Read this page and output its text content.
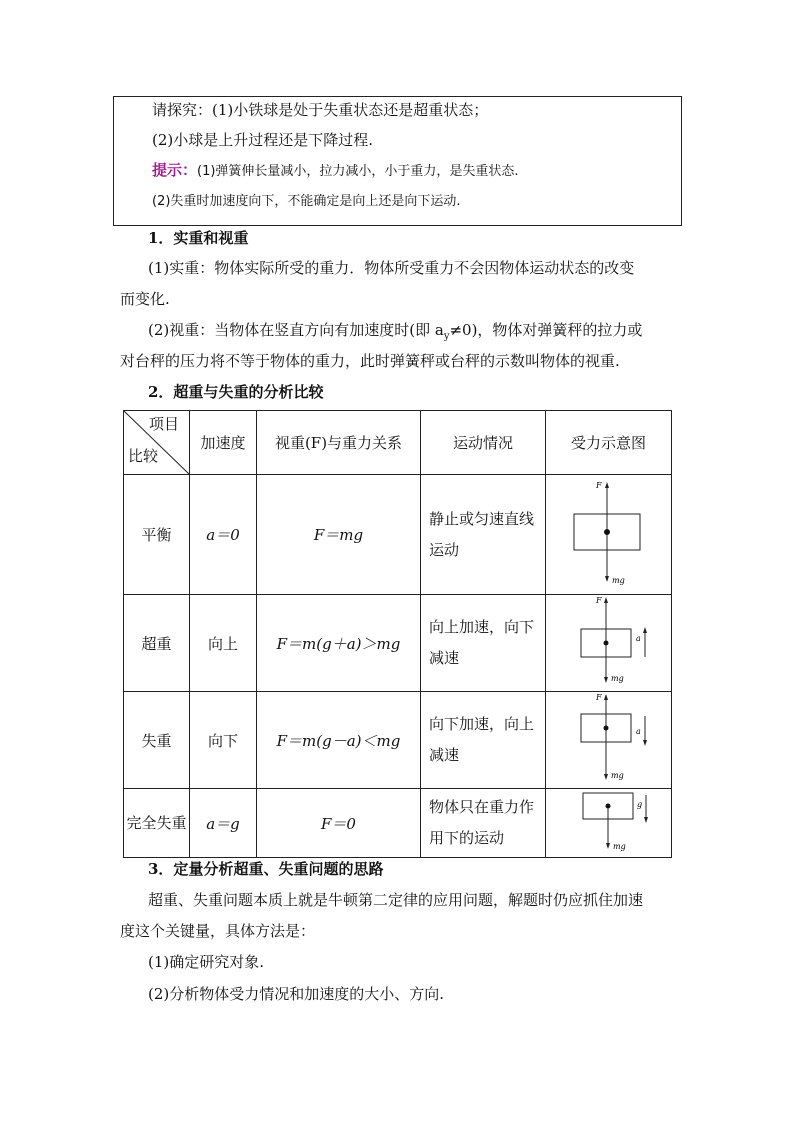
请探究：(1)小铁球是处于失重状态还是超重状态；
(2)小球是上升过程还是下降过程.
提示：(1)弹簧伸长量减小，拉力减小，小于重力，是失重状态.
(2)失重时加速度向下，不能确定是向上还是向下运动.
1．实重和视重
(1)实重：物体实际所受的重力．物体所受重力不会因物体运动状态的改变
而变化.
(2)视重：当物体在竖直方向有加速度时(即 $a_y\ne 0$)，物体对弹簧秤的拉力或
对台秤的压力将不等于物体的重力，此时弹簧秤或台秤的示数叫物体的视重.
2．超重与失重的分析比较
项目
比较	加速度	视重(F)与重力关系	运动情况	受力示意图
平衡	a＝0	F＝mg	静止或匀速直线运动	F
mg

超重	向上	F＝m(g＋a)＞mg	向上加速，向下减速	F
a
mg

失重	向下	F＝m(g－a)＜mg	向下加速，向上减速	F
a
mg

完全失重	a＝g	F＝0	物体只在重力作用下的运动	g
mg
3．定量分析超重、失重问题的思路
超重、失重问题本质上就是牛顿第二定律的应用问题，解题时仍应抓住加速
度这个关键量，具体方法是：
(1)确定研究对象.
(2)分析物体受力情况和加速度的大小、方向.
